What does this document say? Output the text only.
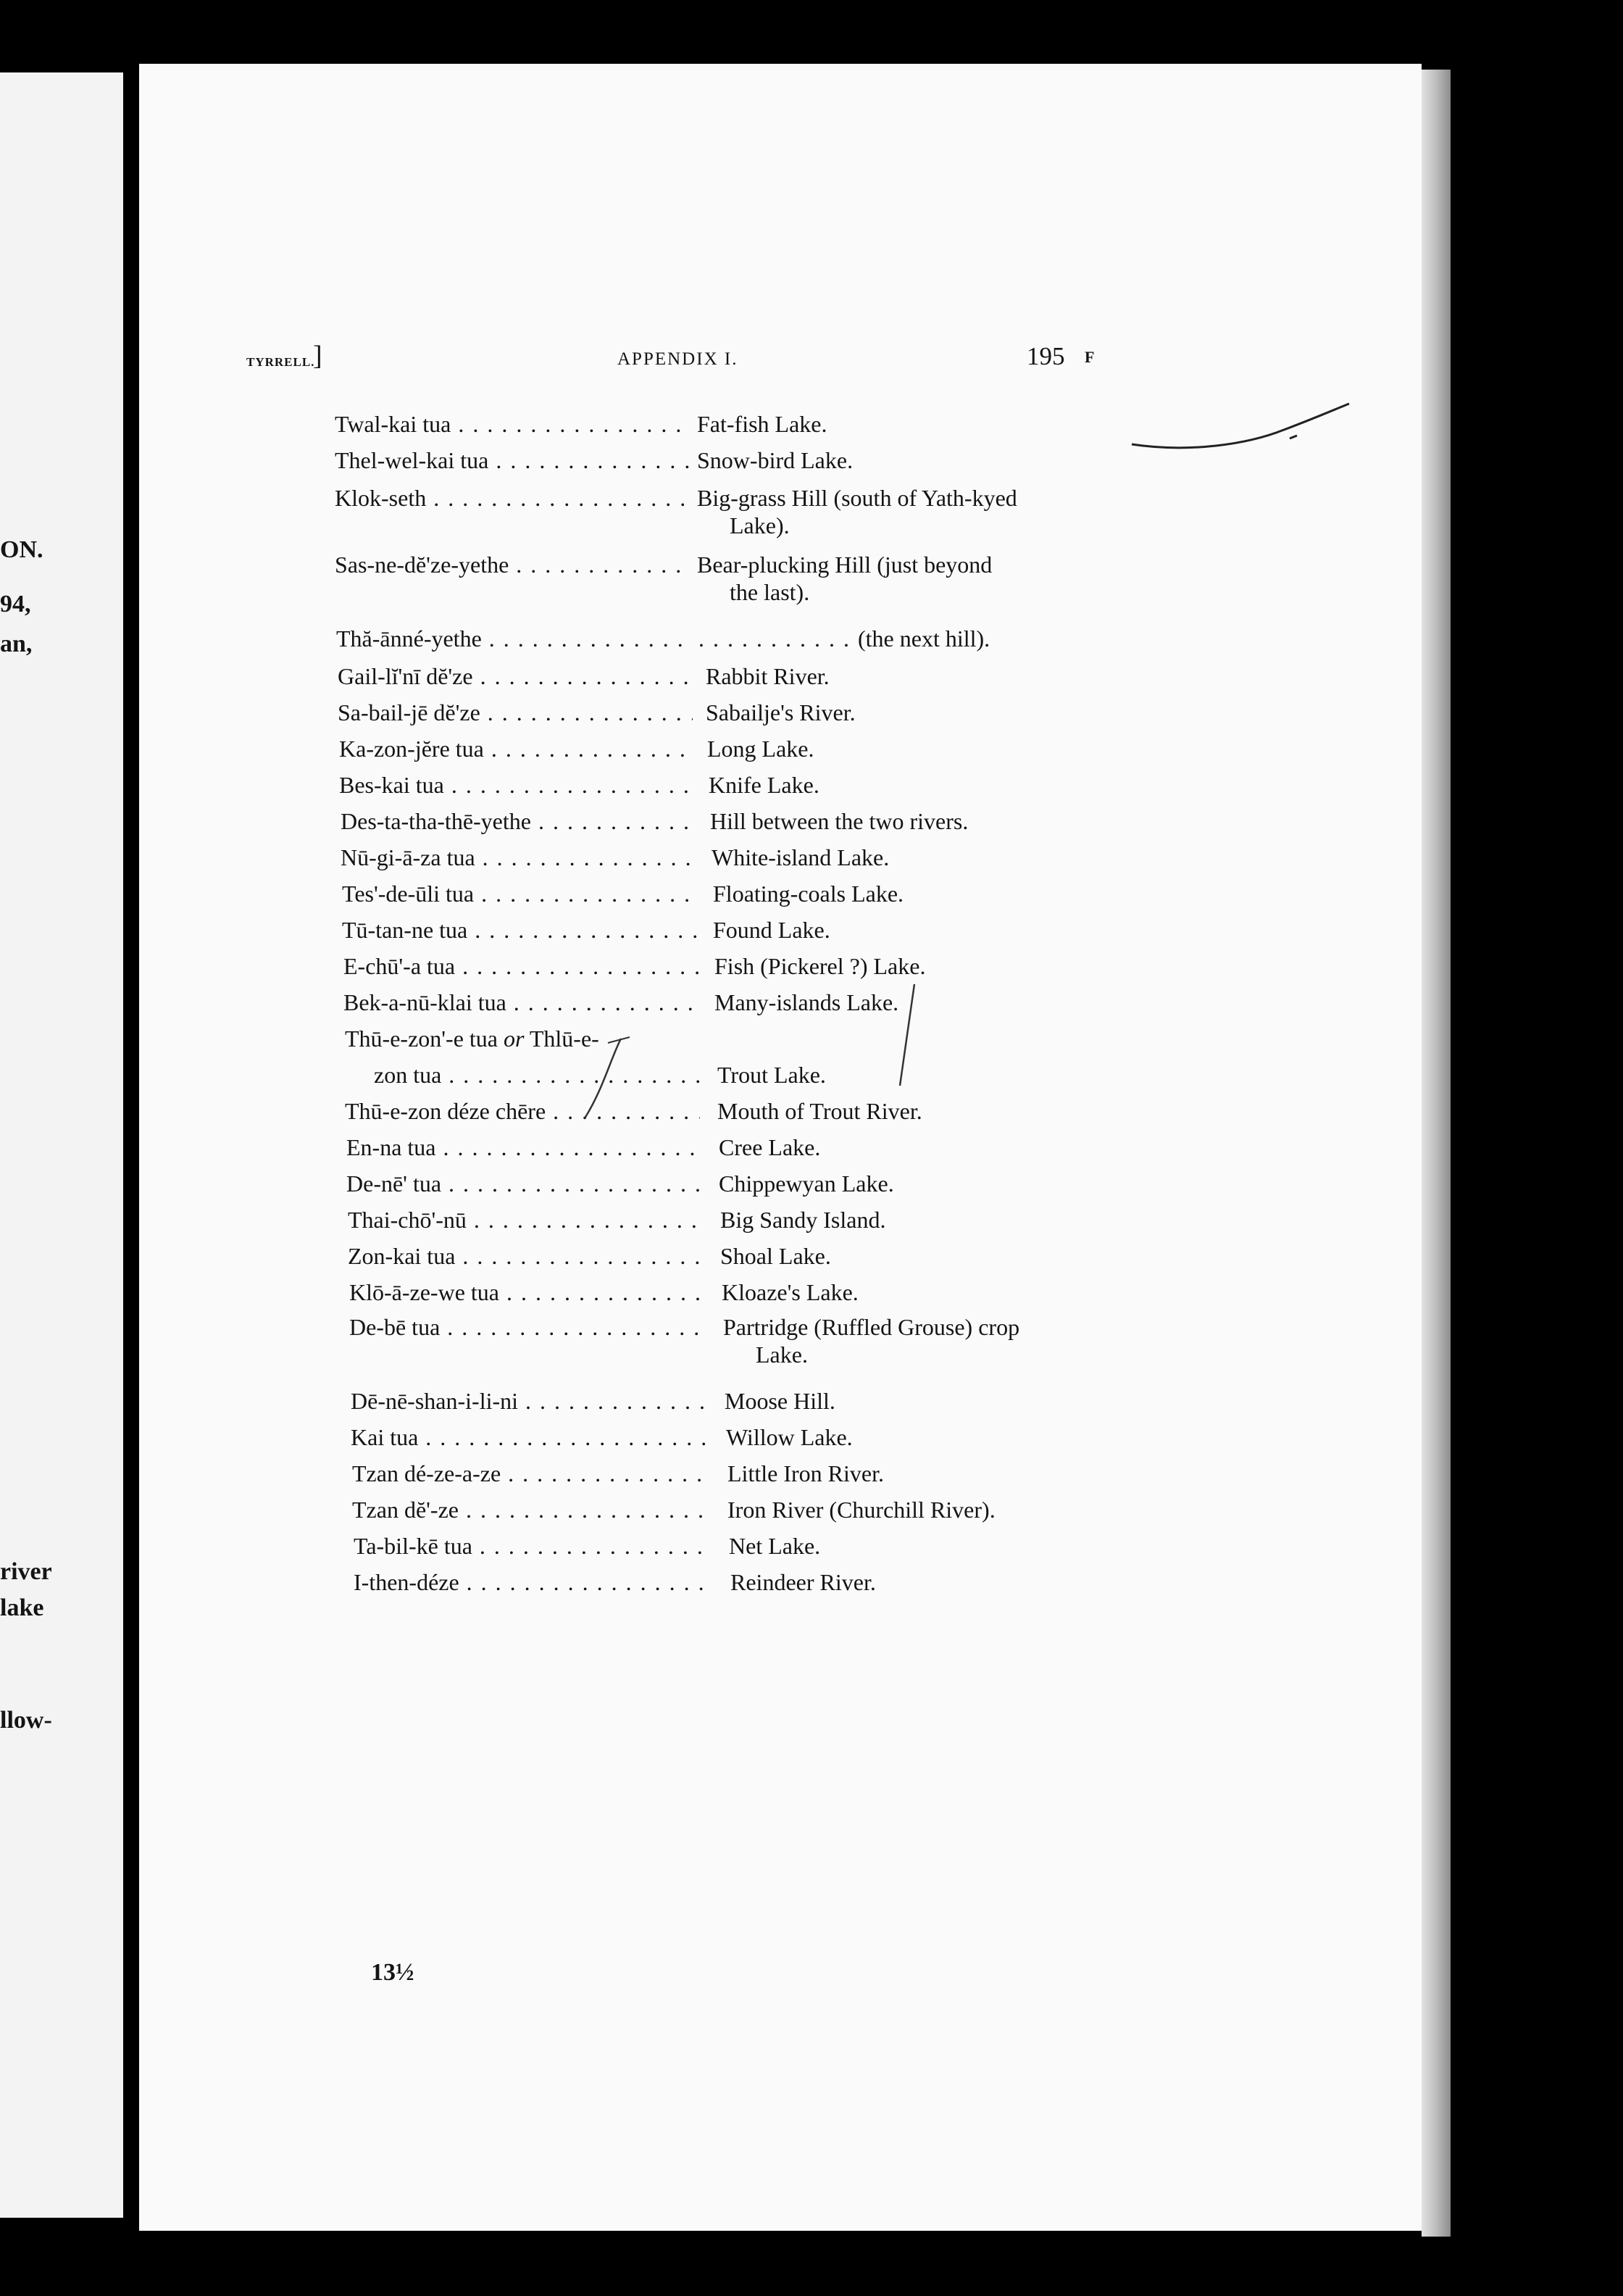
ON.
94,
an,
river
lake
llow-
TYRRELL.
]	APPENDIX I.	195 F
Twal-kai tua . . .	Fat-fish Lake.
Thel-wel-kai tua . . .	Snow-bird Lake.
Klok-seth . . .	Big-grass Hill (south of Yath-kyed
Lake).
Sas-ne-dĕ'ze-yethe . . .	Bear-plucking Hill (just beyond
the last).
Thă-ānné-yethe . . .
. . .	(the next hill).
Gail-lĭ'nī dĕ'ze . . .	Rabbit River.
Sa-bail-jē dĕ'ze . . .	Sabailje's River.
Ka-zon-jĕre tua . . .	Long Lake.
Bes-kai tua . . .	Knife Lake.
Des-ta-tha-thē-yethe . . .	Hill between the two rivers.
Nū-gi-ā-za tua . . .	White-island Lake.
Tes'-de-ūli tua . . .	Floating-coals Lake.
Tū-tan-ne tua . . .	Found Lake.
E-chū'-a tua . . .	Fish (Pickerel ?) Lake.
Bek-a-nū-klai tua . . .	Many-islands Lake.
Thū-e-zon'-e tua or Thlū-e-
zon tua . . .	Trout Lake.
Thū-e-zon déze chēre . . .	Mouth of Trout River.
En-na tua . . .	Cree Lake.
De-nē' tua . . .	Chippewyan Lake.
Thai-chō'-nū . . .	Big Sandy Island.
Zon-kai tua . . .	Shoal Lake.
Klō-ā-ze-we tua . . .	Kloaze's Lake.
De-bē tua . . .	Partridge (Ruffled Grouse) crop
Lake.
Dē-nē-shan-i-li-ni . . .	Moose Hill.
Kai tua . . .	Willow Lake.
Tzan dé-ze-a-ze . . .	Little Iron River.
Tzan dĕ'-ze . . .	Iron River (Churchill River).
Ta-bil-kē tua . . .	Net Lake.
I-then-déze . . .	Reindeer River.
13½
